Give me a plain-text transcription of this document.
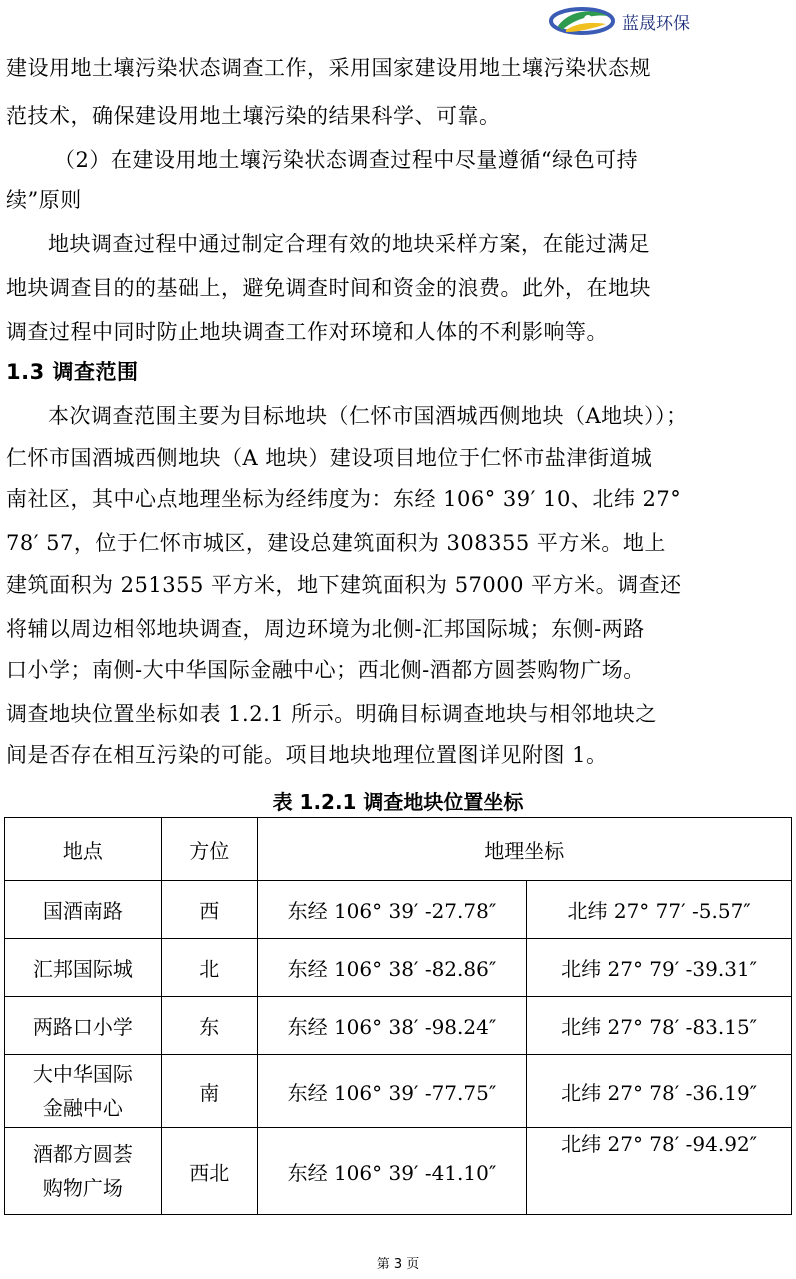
蓝晟环保
建设用地土壤污染状态调查工作，采用国家建设用地土壤污染状态规
范技术，确保建设用地土壤污染的结果科学、可靠。
（2）在建设用地土壤污染状态调查过程中尽量遵循“绿色可持
续”原则
地块调查过程中通过制定合理有效的地块采样方案，在能过满足
地块调查目的的基础上，避免调查时间和资金的浪费。此外，在地块
调查过程中同时防止地块调查工作对环境和人体的不利影响等。
1.3 调查范围
本次调查范围主要为目标地块（仁怀市国酒城西侧地块（A地块））；
仁怀市国酒城西侧地块（A 地块）建设项目地位于仁怀市盐津街道城
南社区，其中心点地理坐标为经纬度为：东经 106° 39′ 10、北纬 27°
78′ 57，位于仁怀市城区，建设总建筑面积为 308355 平方米。地上
建筑面积为 251355 平方米，地下建筑面积为 57000 平方米。调查还
将辅以周边相邻地块调查，周边环境为北侧-汇邦国际城；东侧-两路
口小学；南侧-大中华国际金融中心；西北侧-酒都方圆荟购物广场。
调查地块位置坐标如表 1.2.1 所示。明确目标调查地块与相邻地块之
间是否存在相互污染的可能。项目地块地理位置图详见附图 1。
表 1.2.1 调查地块位置坐标
地点	方位	地理坐标	
国酒南路	西	东经 106° 39′ -27.78″	北纬 27° 77′ -5.57″
汇邦国际城	北	东经 106° 38′ -82.86″	北纬 27° 79′ -39.31″
两路口小学	东	东经 106° 38′ -98.24″	北纬 27° 78′ -83.15″

大中华国际
金融中心	南	东经 106° 39′ -77.75″	北纬 27° 78′ -36.19″

酒都方圆荟
购物广场	西北	东经 106° 39′ -41.10″	北纬 27° 78′ -94.92″
第 3 页
